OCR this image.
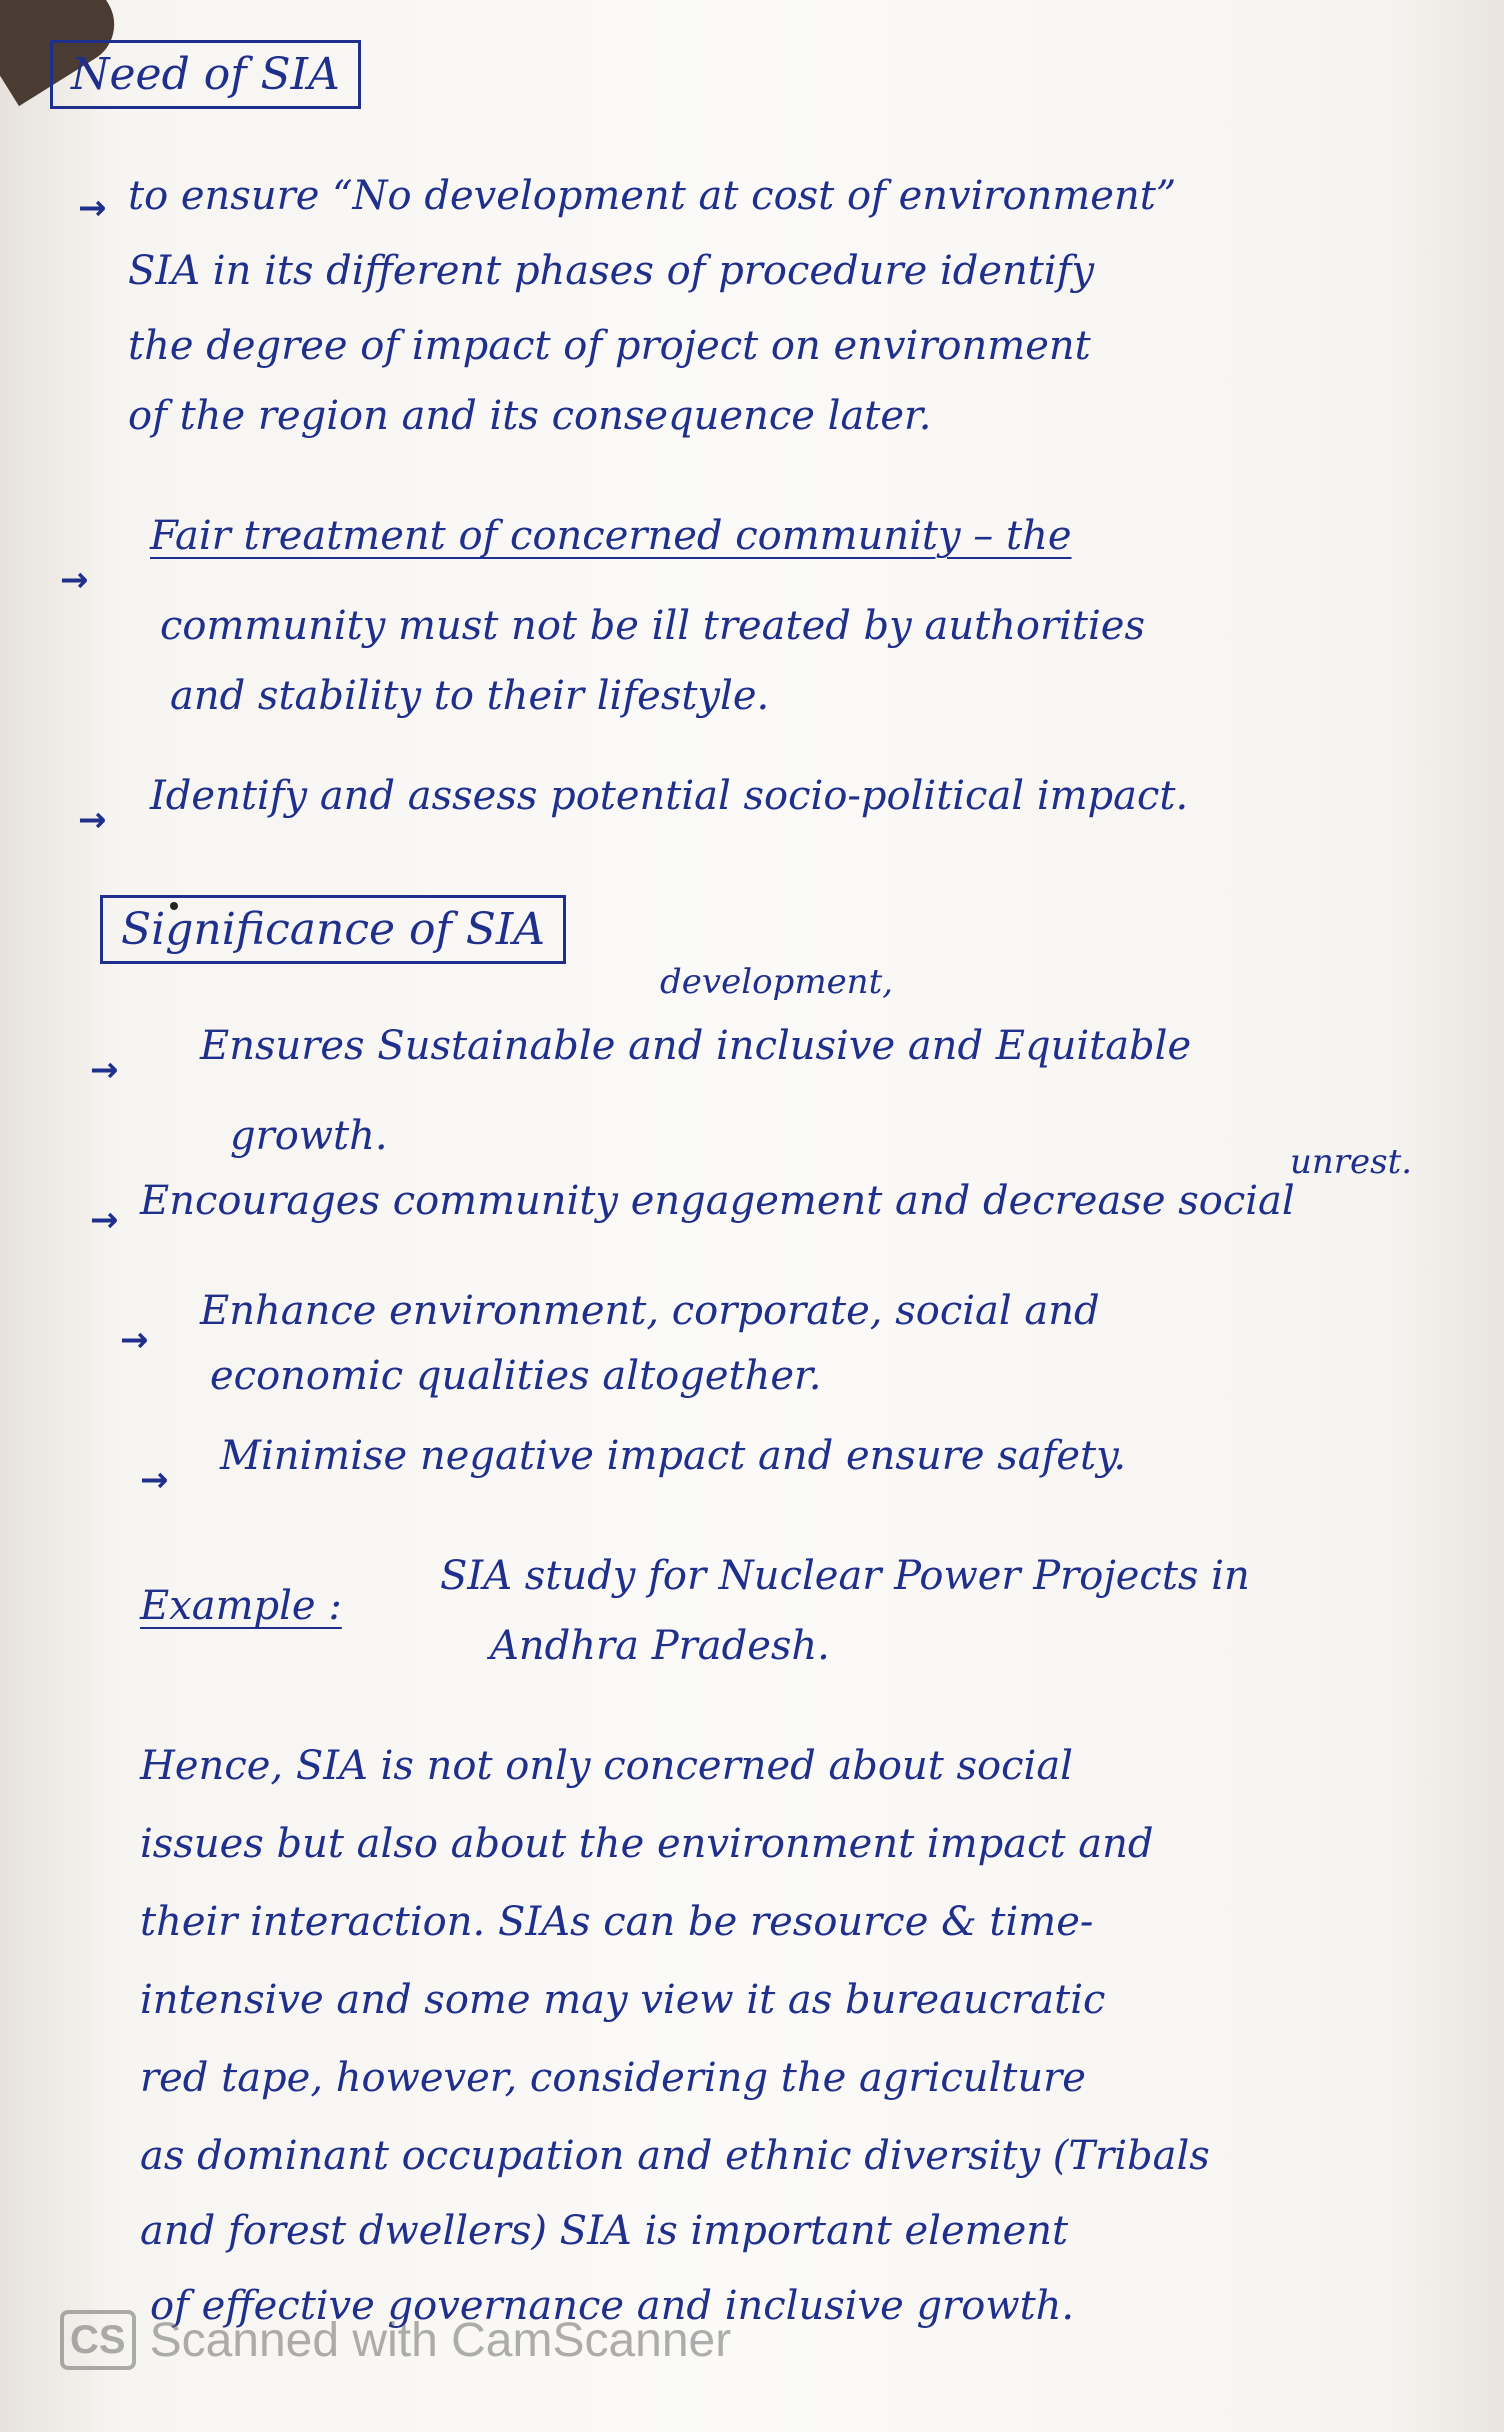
Need of SIA
→ to ensure “No development at cost of environment”
SIA in its different phases of procedure identify
the degree of impact of project on environment
of the region and its consequence later.
→
Fair treatment of concerned community – the
community must not be ill treated by authorities
and stability to their lifestyle.
→
Identify and assess potential socio-political impact.
Significance of SIA
development,
→
Ensures Sustainable and inclusive and Equitable
growth.
→ Encourages community engagement and decrease social
unrest.
→
Enhance environment, corporate, social and
economic qualities altogether.
→
Minimise negative impact and ensure safety.
Example :
SIA study for Nuclear Power Projects in
Andhra Pradesh.
Hence, SIA is not only concerned about social
issues but also about the environment impact and
their interaction. SIAs can be resource & time-
intensive and some may view it as bureaucratic
red tape, however, considering the agriculture
as dominant occupation and ethnic diversity (Tribals
and forest dwellers) SIA is important element
of effective governance and inclusive growth.
CS Scanned with CamScanner
